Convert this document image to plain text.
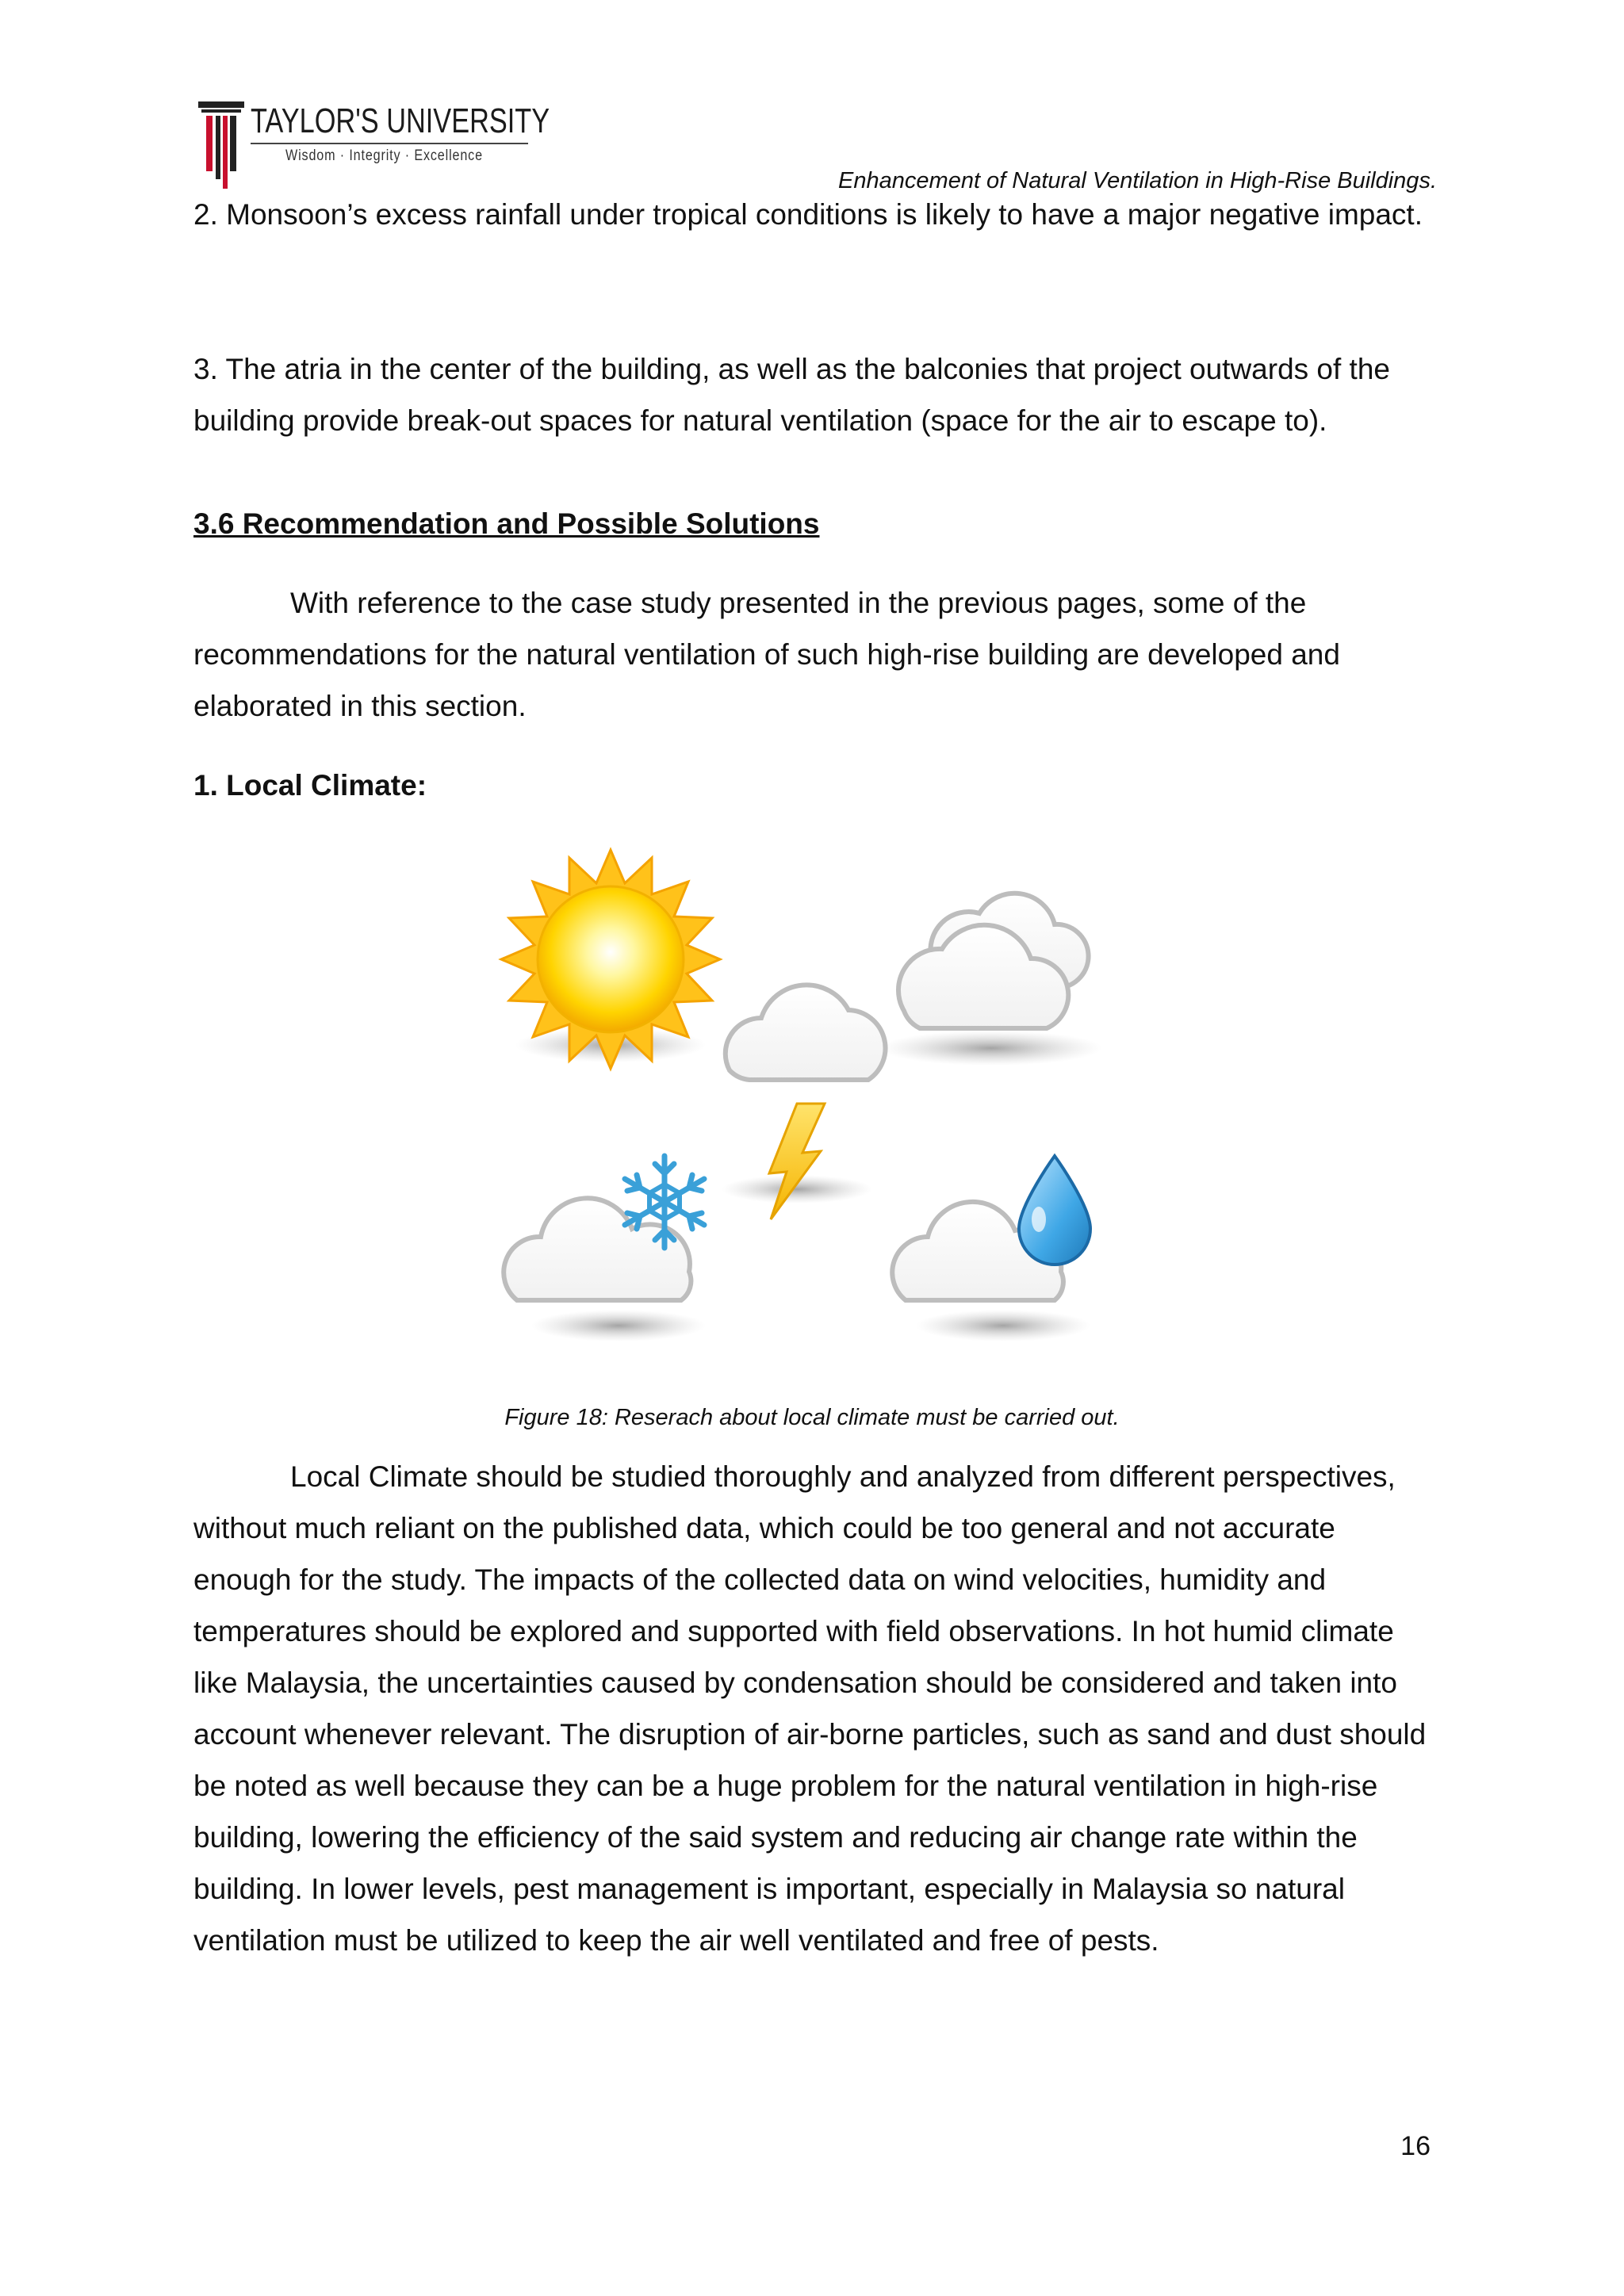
TAYLOR'S UNIVERSITY
Wisdom · Integrity · Excellence
Enhancement of Natural Ventilation in High-Rise Buildings.

2. Monsoon’s excess rainfall under tropical conditions is likely to have a major negative impact.

3. The atria in the center of the building, as well as the balconies that project outwards of the building provide break-out spaces for natural ventilation (space for the air to escape to).

3.6 Recommendation and Possible Solutions

With reference to the case study presented in the previous pages, some of the recommendations for the natural ventilation of such high-rise building are developed and elaborated in this section.

1. Local Climate:

Figure 18: Reserach about local climate must be carried out.

Local Climate should be studied thoroughly and analyzed from different perspectives, without much reliant on the published data, which could be too general and not accurate enough for the study. The impacts of the collected data on wind velocities, humidity and temperatures should be explored and supported with field observations. In hot humid climate like Malaysia, the uncertainties caused by condensation should be considered and taken into account whenever relevant. The disruption of air-borne particles, such as sand and dust should be noted as well because they can be a huge problem for the natural ventilation in high-rise building, lowering the efficiency of the said system and reducing air change rate within the building. In lower levels, pest management is important, especially in Malaysia so natural ventilation must be utilized to keep the air well ventilated and free of pests.

16
